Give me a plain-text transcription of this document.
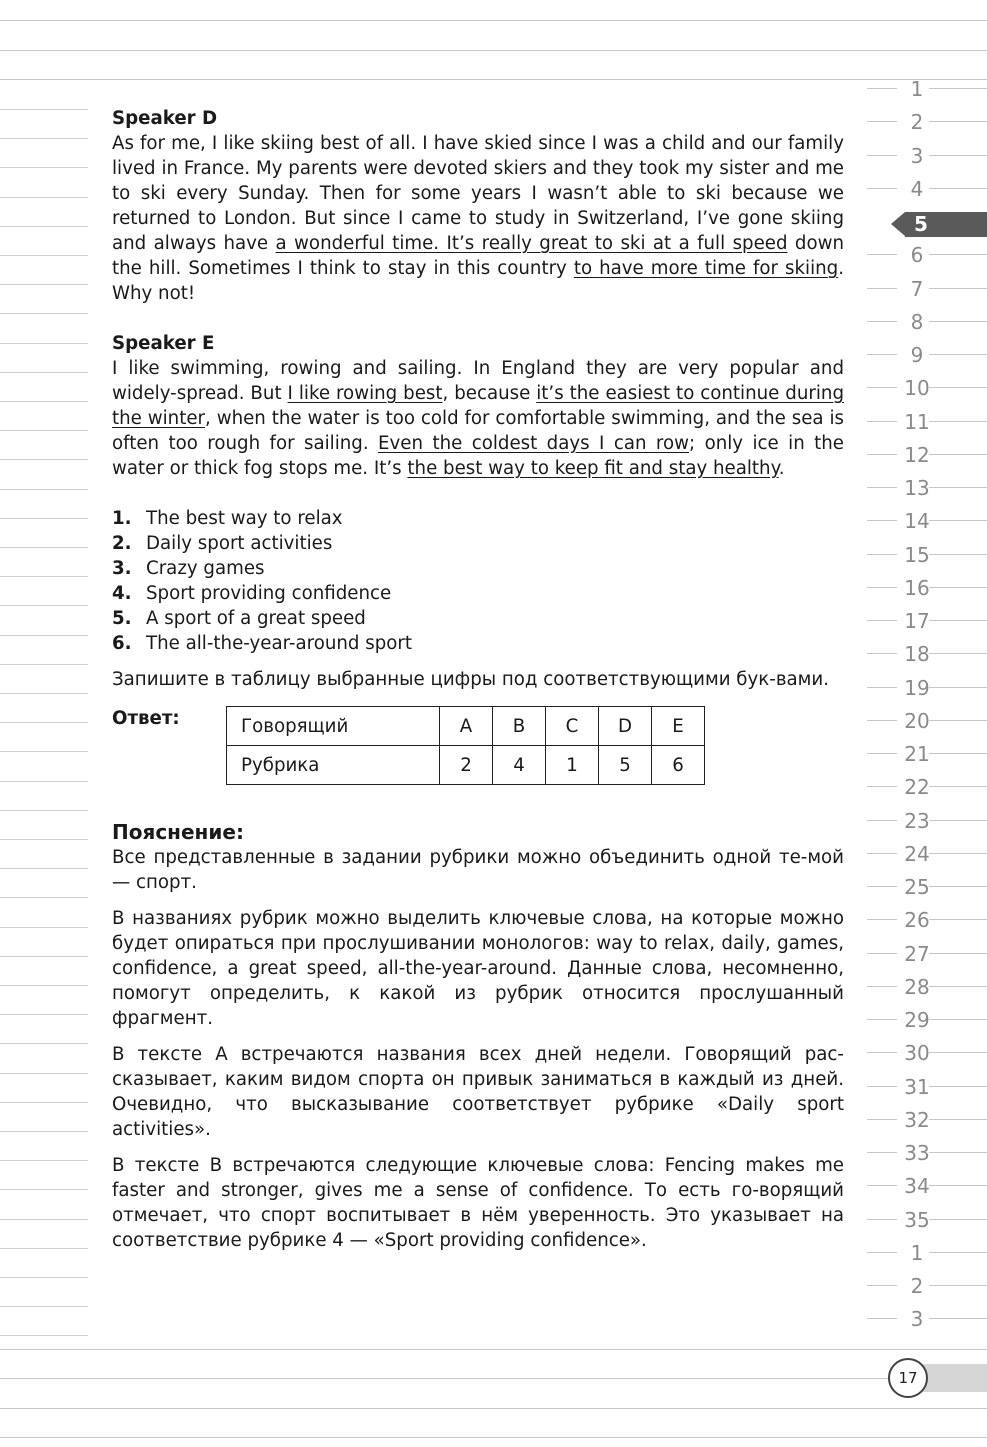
Speaker D

As for me, I like skiing best of all. I have skied since I was a child and our family lived in France. My parents were devoted skiers and they took my sister and me to ski every Sunday. Then for some years I wasn’t able to ski because we returned to London. But since I came to study in Switzerland, I’ve gone skiing and always have a wonderful time. It’s really great to ski at a full speed down the hill. Sometimes I think to stay in this country to have more time for skiing. Why not!

Speaker E

I like swimming, rowing and sailing. In England they are very popular and widely-spread. But I like rowing best, because it’s the easiest to continue during the winter, when the water is too cold for comfortable swimming, and the sea is often too rough for sailing. Even the coldest days I can row; only ice in the water or thick fog stops me. It’s the best way to keep fit and stay healthy.

1. The best way to relax
2. Daily sport activities
3. Crazy games
4. Sport providing confidence
5. A sport of a great speed
6. The all-the-year-around sport

Запишите в таблицу выбранные цифры под соответствующими бук-вами.

Ответ:	Говорящий	A	B	C	D	E
Рубрика	2	4	1	5	6
Пояснение:

Все представленные в задании рубрики можно объединить одной те-мой — спорт.

В названиях рубрик можно выделить ключевые слова, на которые можно будет опираться при прослушивании монологов: way to relax, daily, games, confidence, a great speed, all-the-year-around. Данные слова, несомненно, помогут определить, к какой из рубрик относится прослушанный фрагмент.

В тексте A встречаются названия всех дней недели. Говорящий рас-сказывает, каким видом спорта он привык заниматься в каждый из дней. Очевидно, что высказывание соответствует рубрике «Daily sport activities».

В тексте B встречаются следующие ключевые слова: Fencing makes me faster and stronger, gives me a sense of confidence. То есть го-ворящий отмечает, что спорт воспитывает в нём уверенность. Это указывает на соответствие рубрике 4 — «Sport providing confidence».

1
2
3
4
6
7
8
9
10
11
12
13
14
15
16
17
18
19
20
21
22
23
24
25
26
27
28
29
30
31
32
33
34
35
1
2
3
5
17
